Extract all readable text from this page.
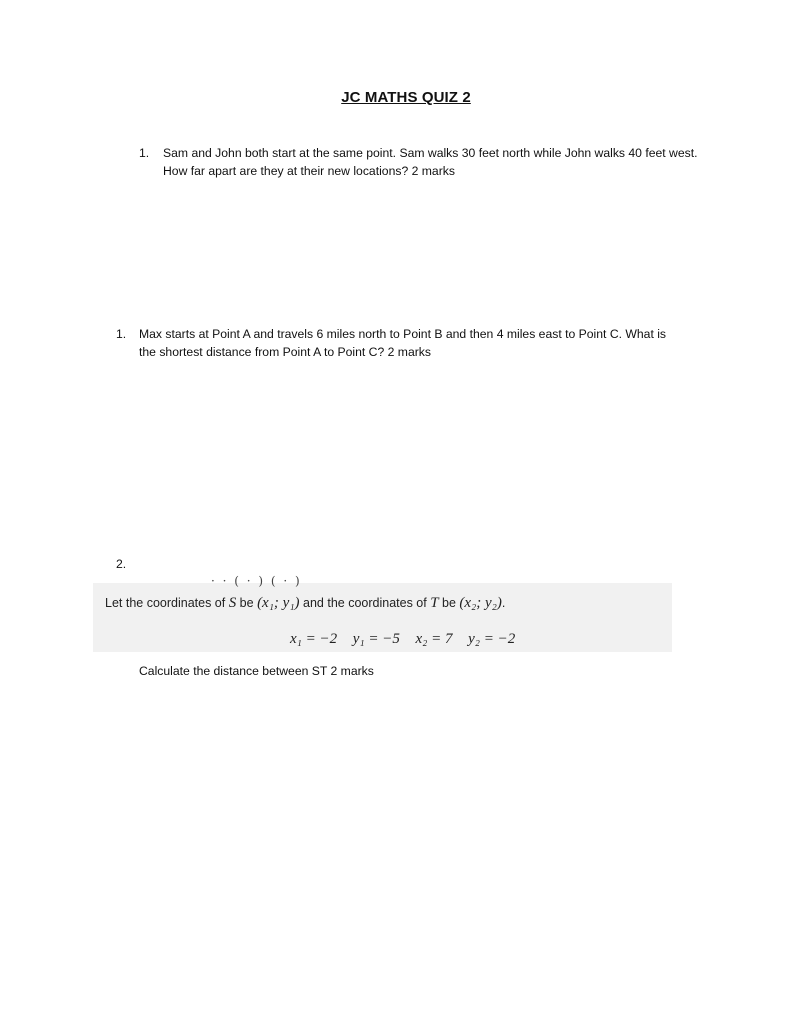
JC MATHS QUIZ 2
1. Sam and John both start at the same point. Sam walks 30 feet north while John walks 40 feet west. How far apart are they at their new locations? 2 marks
1. Max starts at Point A and travels 6 miles north to Point B and then 4 miles east to Point C. What is the shortest distance from Point A to Point C? 2 marks
2.
· · ( · ) ( · )
Let the coordinates of S be (x₁; y₁) and the coordinates of T be (x₂; y₂).
x₁ = −2 y₁ = −5 x₂ = 7 y₂ = −2
Calculate the distance between ST 2 marks
